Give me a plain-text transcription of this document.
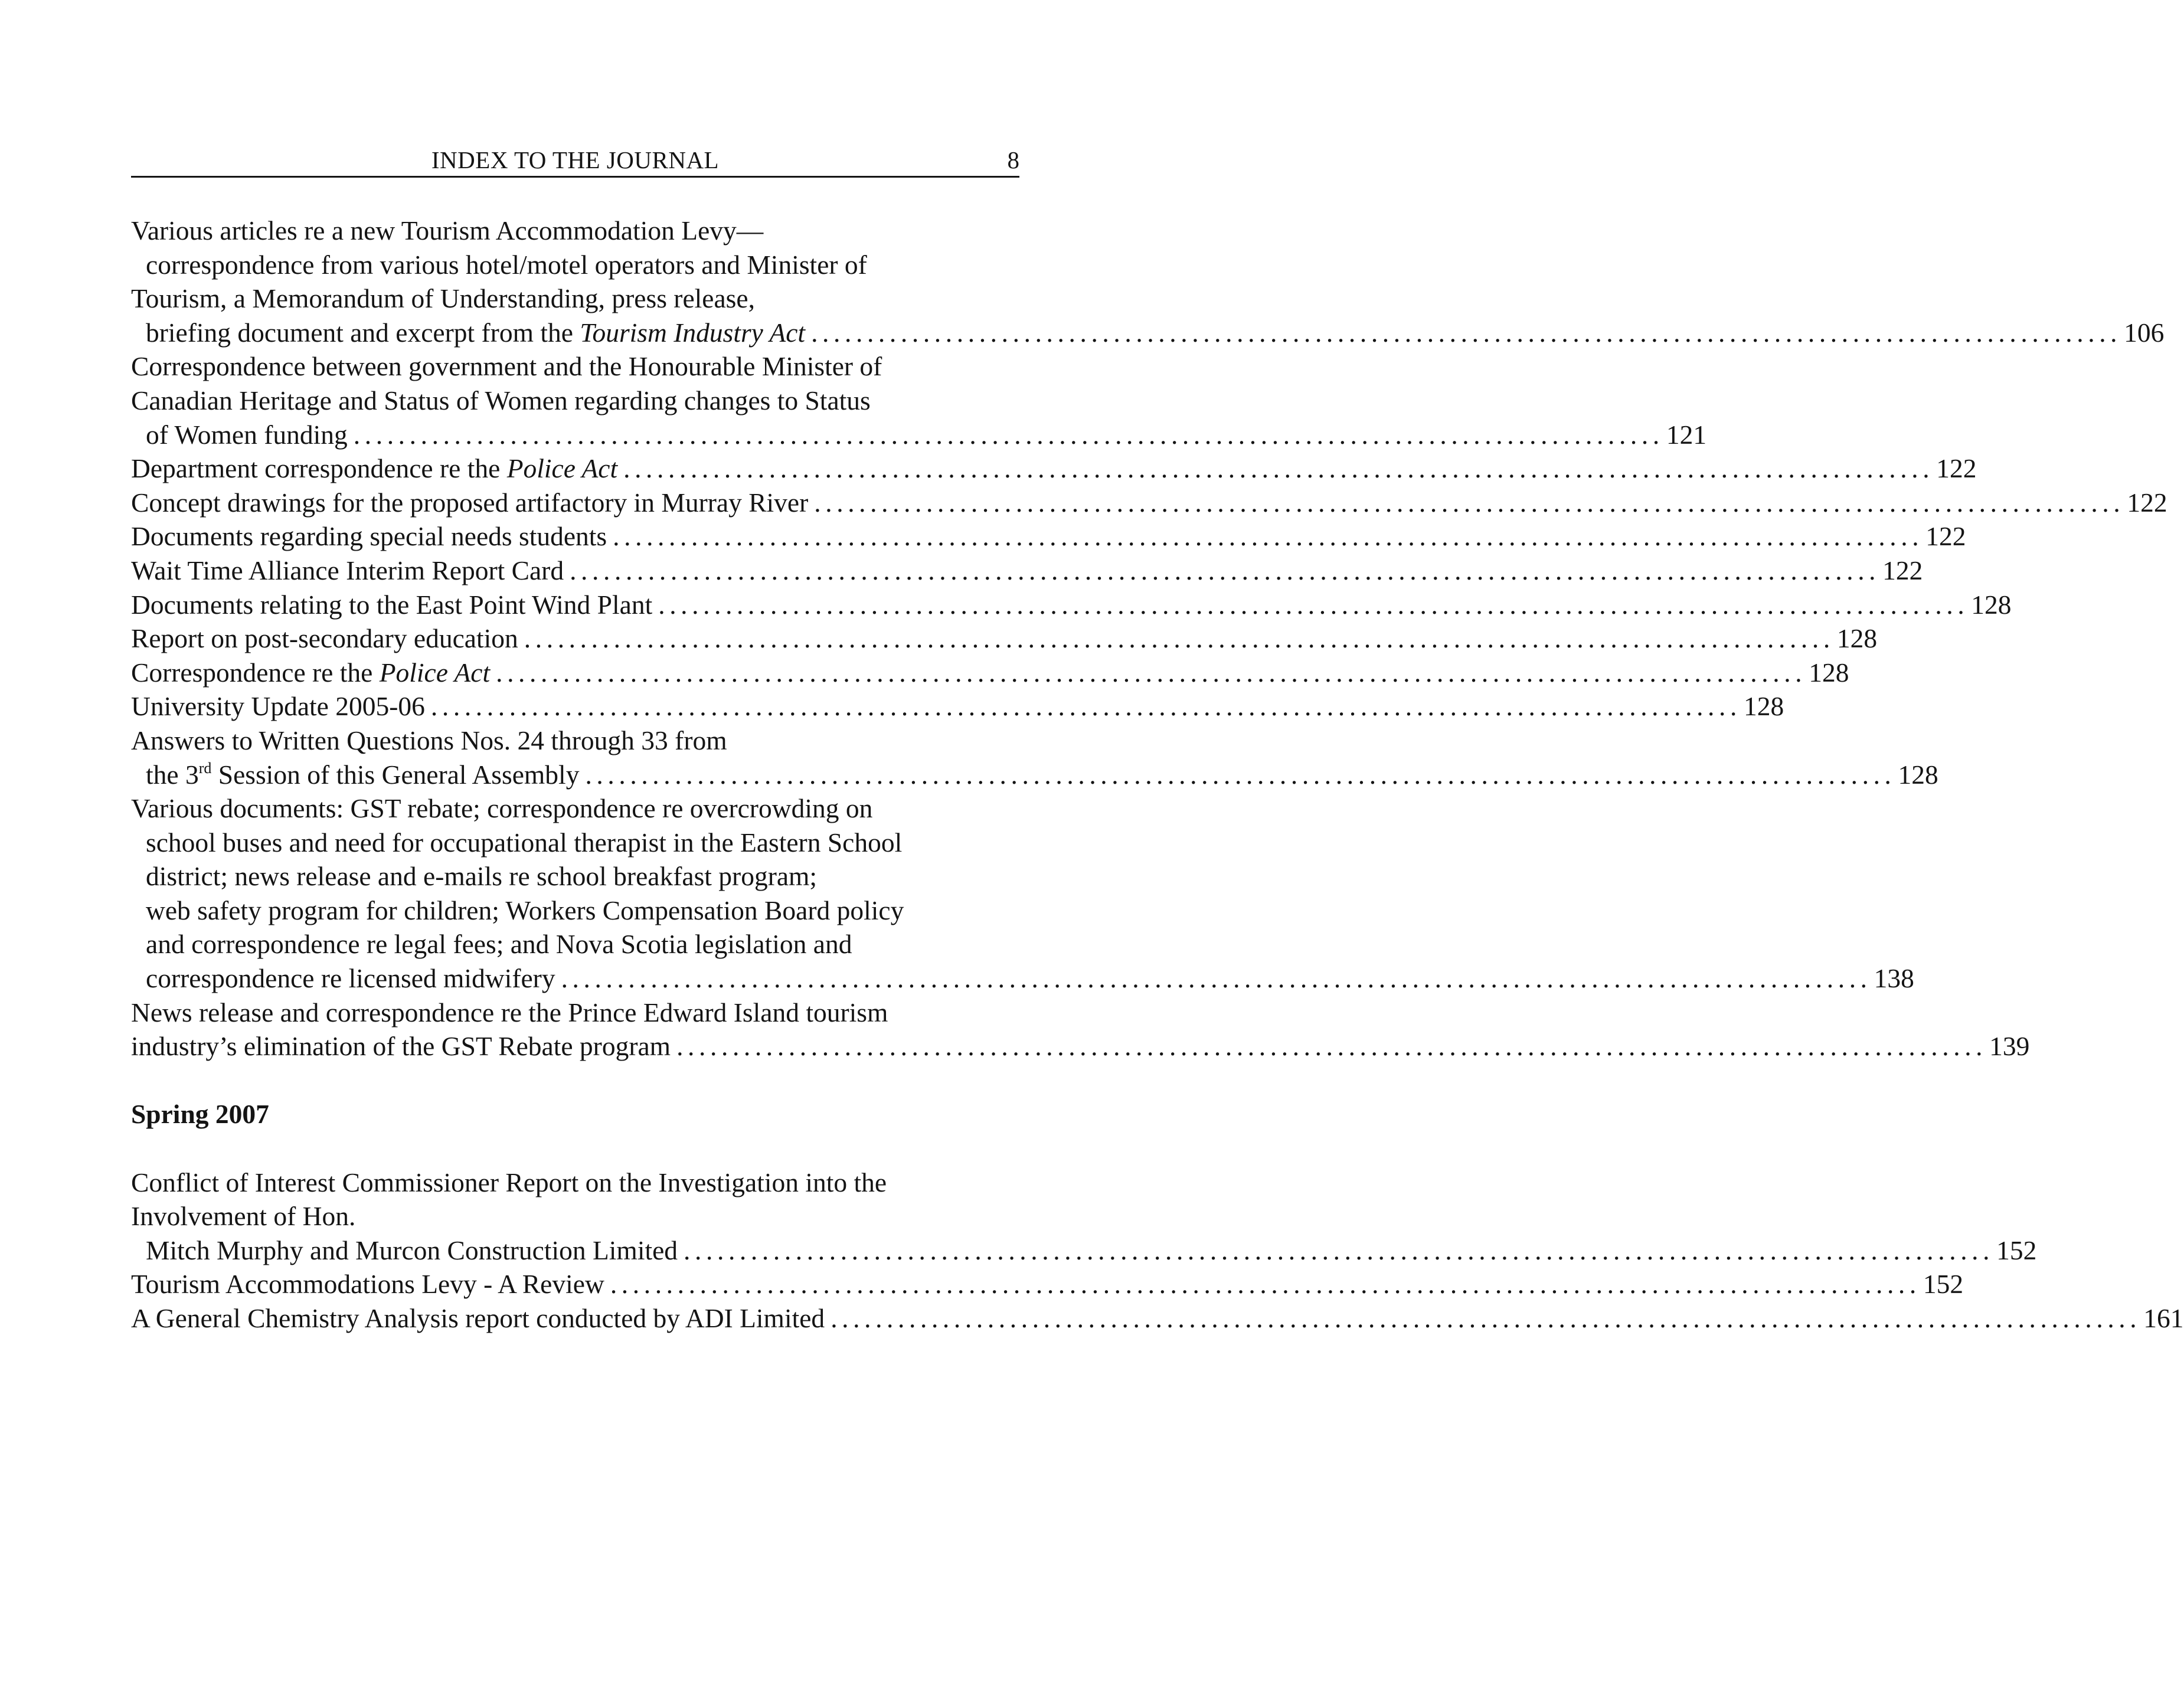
INDEX TO THE JOURNAL	8
Various articles re a new Tourism Accommodation Levy—
correspondence from various hotel/motel operators and Minister of
Tourism, a Memorandum of Understanding, press release,
briefing document and excerpt from the Tourism Industry Act ..................................................................................................................... 106
Correspondence between government and the Honourable Minister of
Canadian Heritage and Status of Women regarding changes to Status
of Women funding ..................................................................................................................... 121
Department correspondence re the Police Act ..................................................................................................................... 122
Concept drawings for the proposed artifactory in Murray River ..................................................................................................................... 122
Documents regarding special needs students ..................................................................................................................... 122
Wait Time Alliance Interim Report Card ..................................................................................................................... 122
Documents relating to the East Point Wind Plant ..................................................................................................................... 128
Report on post-secondary education ..................................................................................................................... 128
Correspondence re the Police Act ..................................................................................................................... 128
University Update 2005-06 ..................................................................................................................... 128
Answers to Written Questions Nos. 24 through 33 from
the 3rd Session of this General Assembly ..................................................................................................................... 128
Various documents: GST rebate; correspondence re overcrowding on
school buses and need for occupational therapist in the Eastern School
district; news release and e-mails re school breakfast program;
web safety program for children; Workers Compensation Board policy
and correspondence re legal fees; and Nova Scotia legislation and
correspondence re licensed midwifery ..................................................................................................................... 138
News release and correspondence re the Prince Edward Island tourism
industry’s elimination of the GST Rebate program ..................................................................................................................... 139
Spring 2007
Conflict of Interest Commissioner Report on the Investigation into the
Involvement of Hon.
Mitch Murphy and Murcon Construction Limited ..................................................................................................................... 152
Tourism Accommodations Levy - A Review ..................................................................................................................... 152
A General Chemistry Analysis report conducted by ADI Limited ..................................................................................................................... 161
